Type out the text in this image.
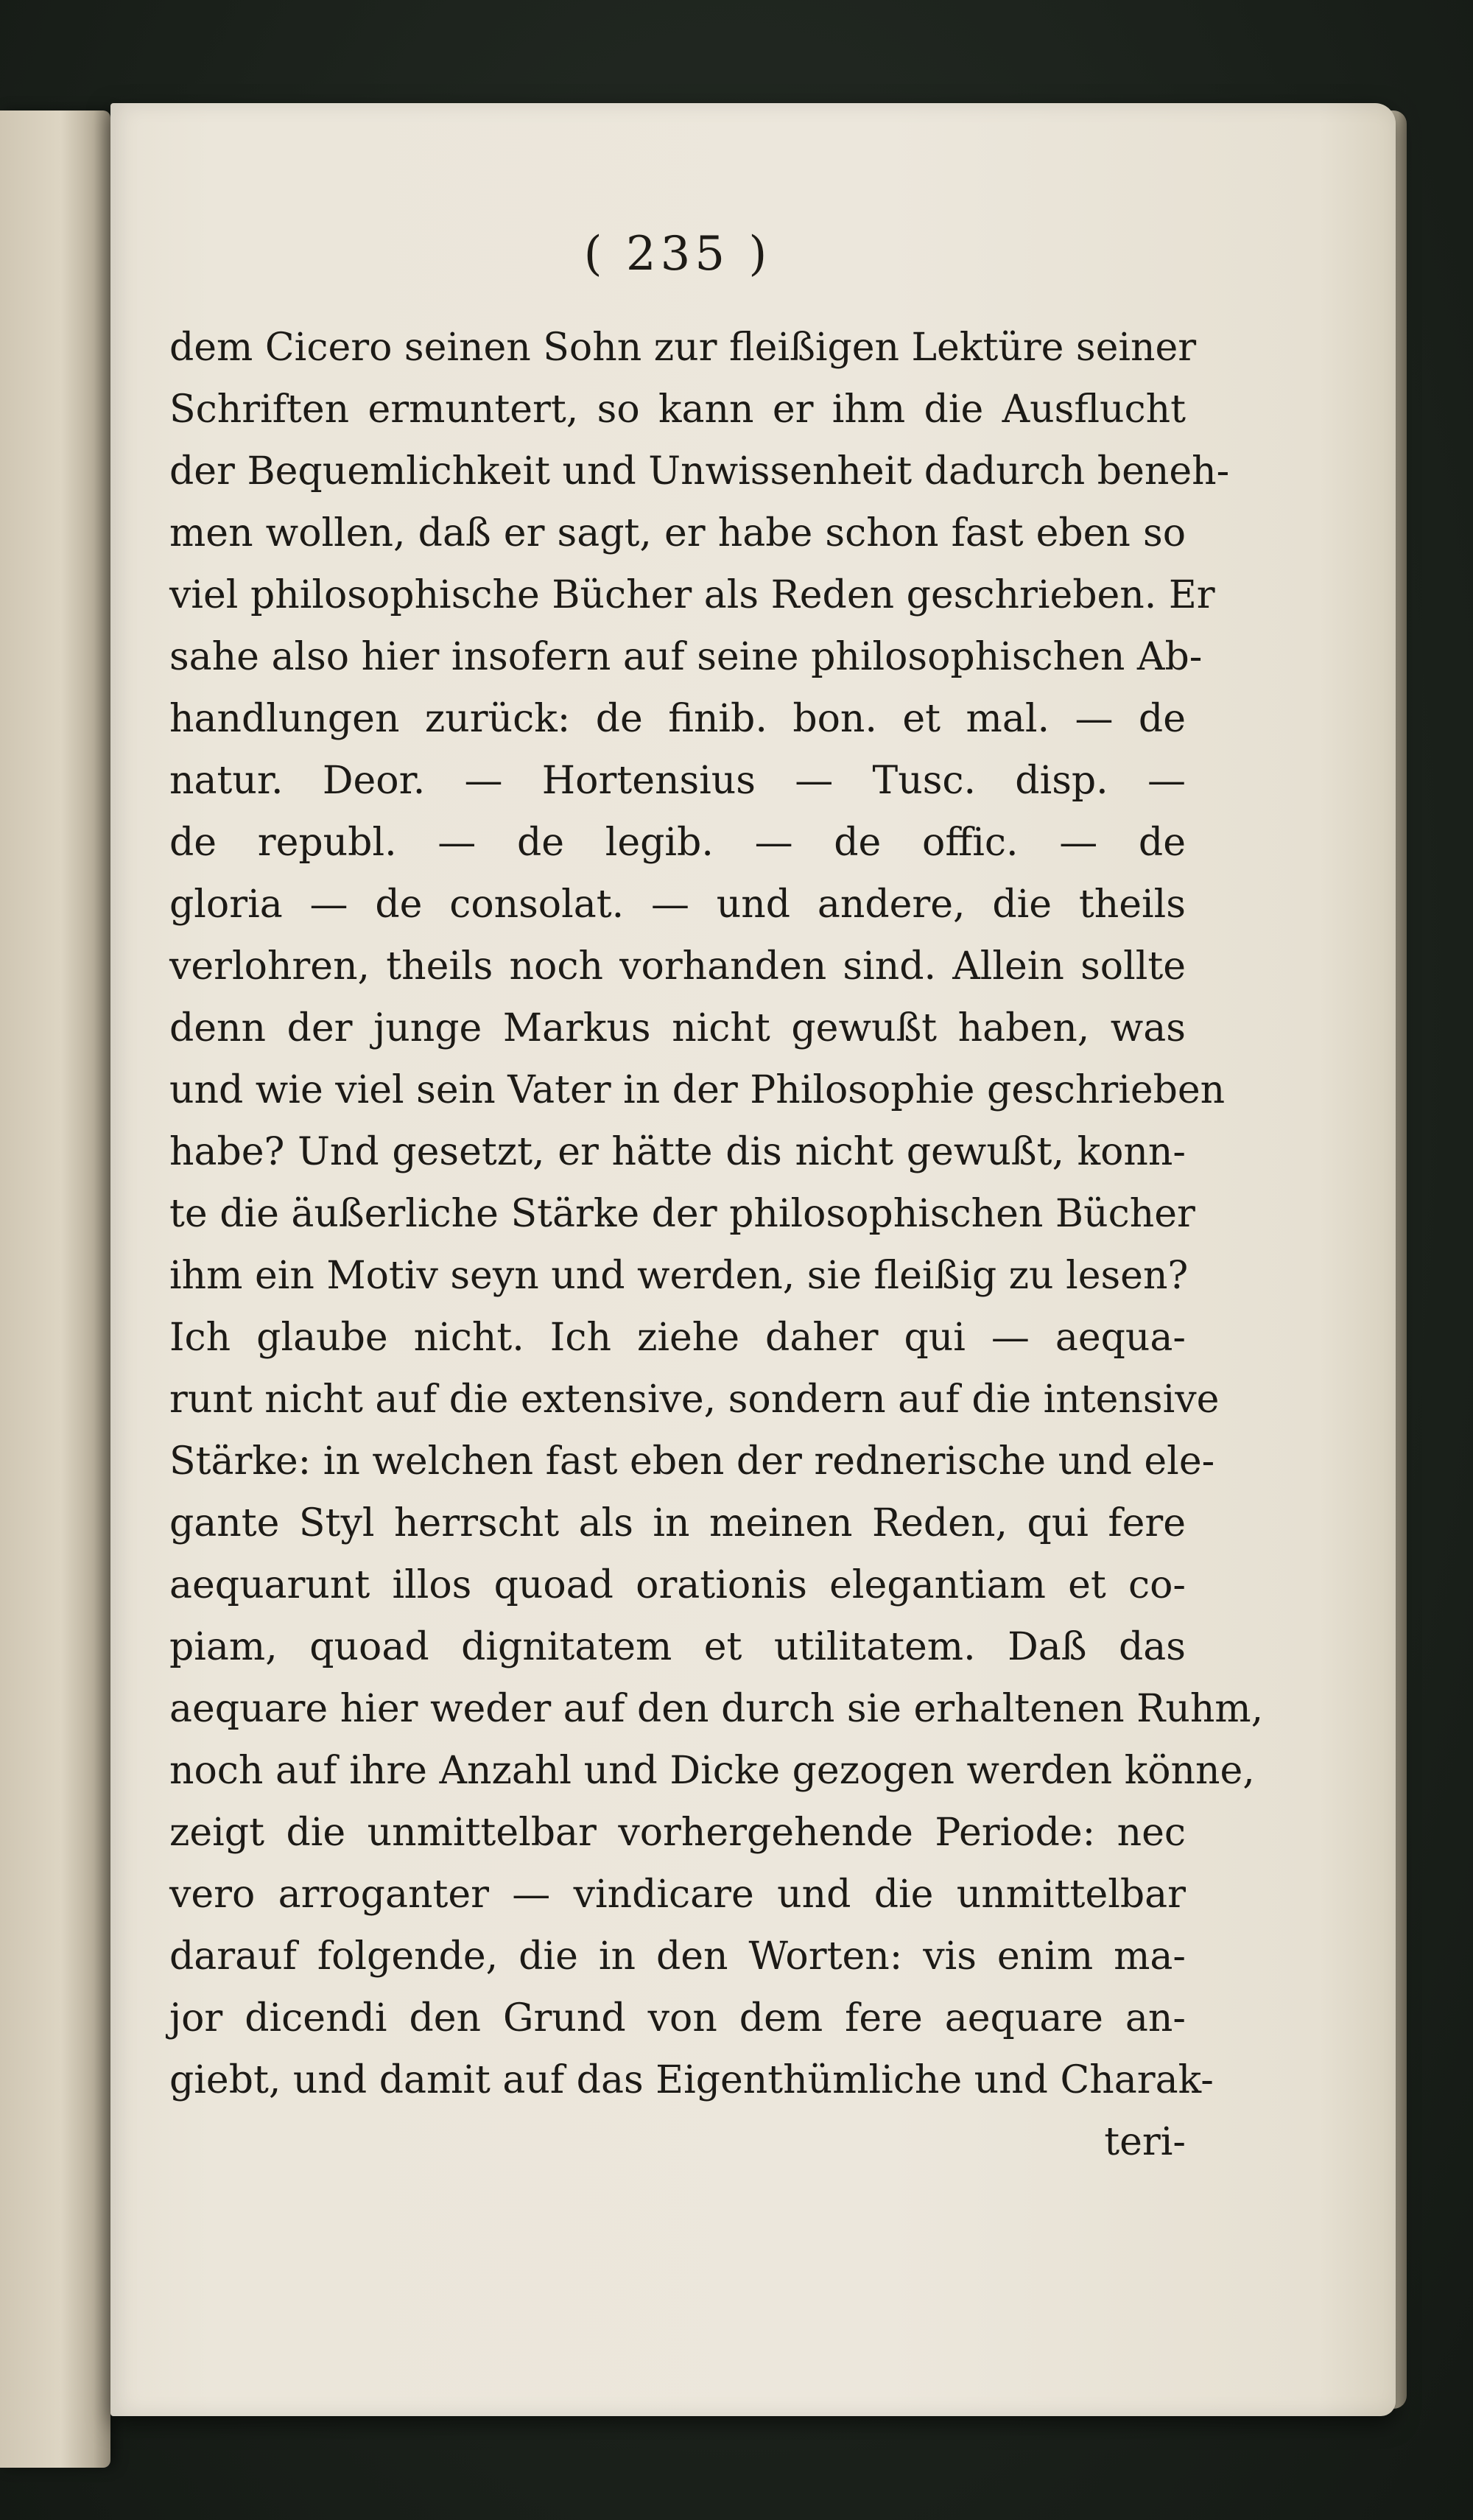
( 235 )
dem Cicero seinen Sohn zur fleißigen Lektüre seiner
Schriften ermuntert, so kann er ihm die Ausflucht
der Bequemlichkeit und Unwissenheit dadurch beneh-
men wollen, daß er sagt, er habe schon fast eben so
viel philosophische Bücher als Reden geschrieben. Er
sahe also hier insofern auf seine philosophischen Ab-
handlungen zurück: de finib. bon. et mal. — de
natur. Deor. — Hortensius — Tusc. disp. —
de republ. — de legib. — de offic. — de
gloria — de consolat. — und andere, die theils
verlohren, theils noch vorhanden sind. Allein sollte
denn der junge Markus nicht gewußt haben, was
und wie viel sein Vater in der Philosophie geschrieben
habe? Und gesetzt, er hätte dis nicht gewußt, konn-
te die äußerliche Stärke der philosophischen Bücher
ihm ein Motiv seyn und werden, sie fleißig zu lesen?
Ich glaube nicht. Ich ziehe daher qui — aequa-
runt nicht auf die extensive, sondern auf die intensive
Stärke: in welchen fast eben der rednerische und ele-
gante Styl herrscht als in meinen Reden, qui fere
aequarunt illos quoad orationis elegantiam et co-
piam, quoad dignitatem et utilitatem. Daß das
aequare hier weder auf den durch sie erhaltenen Ruhm,
noch auf ihre Anzahl und Dicke gezogen werden könne,
zeigt die unmittelbar vorhergehende Periode: nec
vero arroganter — vindicare und die unmittelbar
darauf folgende, die in den Worten: vis enim ma-
jor dicendi den Grund von dem fere aequare an-
giebt, und damit auf das Eigenthümliche und Charak-
teri-
